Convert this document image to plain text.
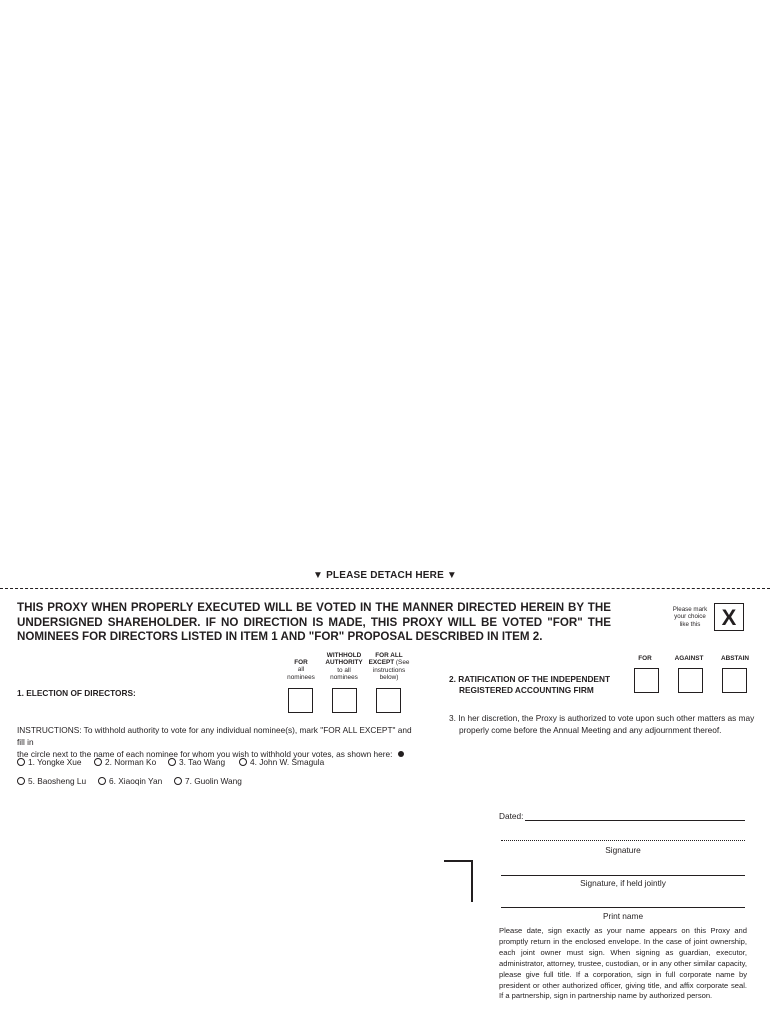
▼ PLEASE DETACH HERE ▼
THIS PROXY WHEN PROPERLY EXECUTED WILL BE VOTED IN THE MANNER DIRECTED HEREIN BY THE UNDERSIGNED SHAREHOLDER. IF NO DIRECTION IS MADE, THIS PROXY WILL BE VOTED "FOR" THE NOMINEES FOR DIRECTORS LISTED IN ITEM 1 AND "FOR" PROPOSAL DESCRIBED IN ITEM 2.
Please mark
your choice
like this X
FOR
all
nominees
WITHHOLD
AUTHORITY
to all
nominees
FOR ALL
EXCEPT (See
instructions
below)
1. ELECTION OF DIRECTORS:
INSTRUCTIONS: To withhold authority to vote for any individual nominee(s), mark "FOR ALL EXCEPT" and fill in
the circle next to the name of each nominee for whom you wish to withhold your votes, as shown here:
1. Yongke Xue	2. Norman Ko	3. Tao Wang	4. John W. Smagula
5. Baosheng Lu	6. Xiaoqin Yan	7. Guolin Wang
FOR	AGAINST	ABSTAIN
2. RATIFICATION OF THE INDEPENDENT
REGISTERED ACCOUNTING FIRM
3. In her discretion, the Proxy is authorized to vote upon such other matters as may
properly come before the Annual Meeting and any adjournment thereof.
Dated:
Signature
Signature, if held jointly
Print name
Please date, sign exactly as your name appears on this Proxy and promptly return in the enclosed envelope. In the case of joint ownership, each joint owner must sign. When signing as guardian, executor, administrator, attorney, trustee, custodian, or in any other similar capacity, please give full title. If a corporation, sign in full corporate name by president or other authorized officer, giving title, and affix corporate seal. If a partnership, sign in partnership name by authorized person.
